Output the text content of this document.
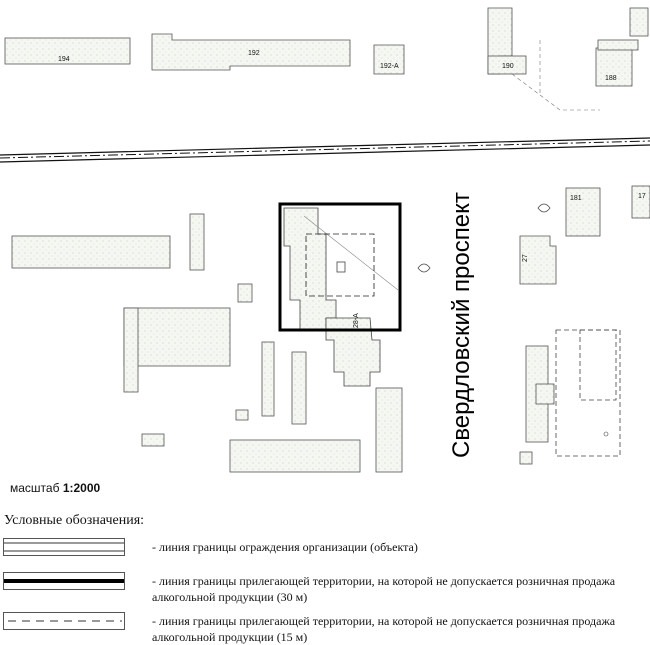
194
192
192-А	190
188
181	17
27
28-А	Свердловский проспект
масштаб 1:2000
Условные обозначения:
- линия границы ограждения организации (объекта)
- линия границы прилегающей территории, на которой не допускается розничная продажа алкогольной продукции (30 м)
- линия границы прилегающей территории, на которой не допускается розничная продажа алкогольной продукции (15 м)
